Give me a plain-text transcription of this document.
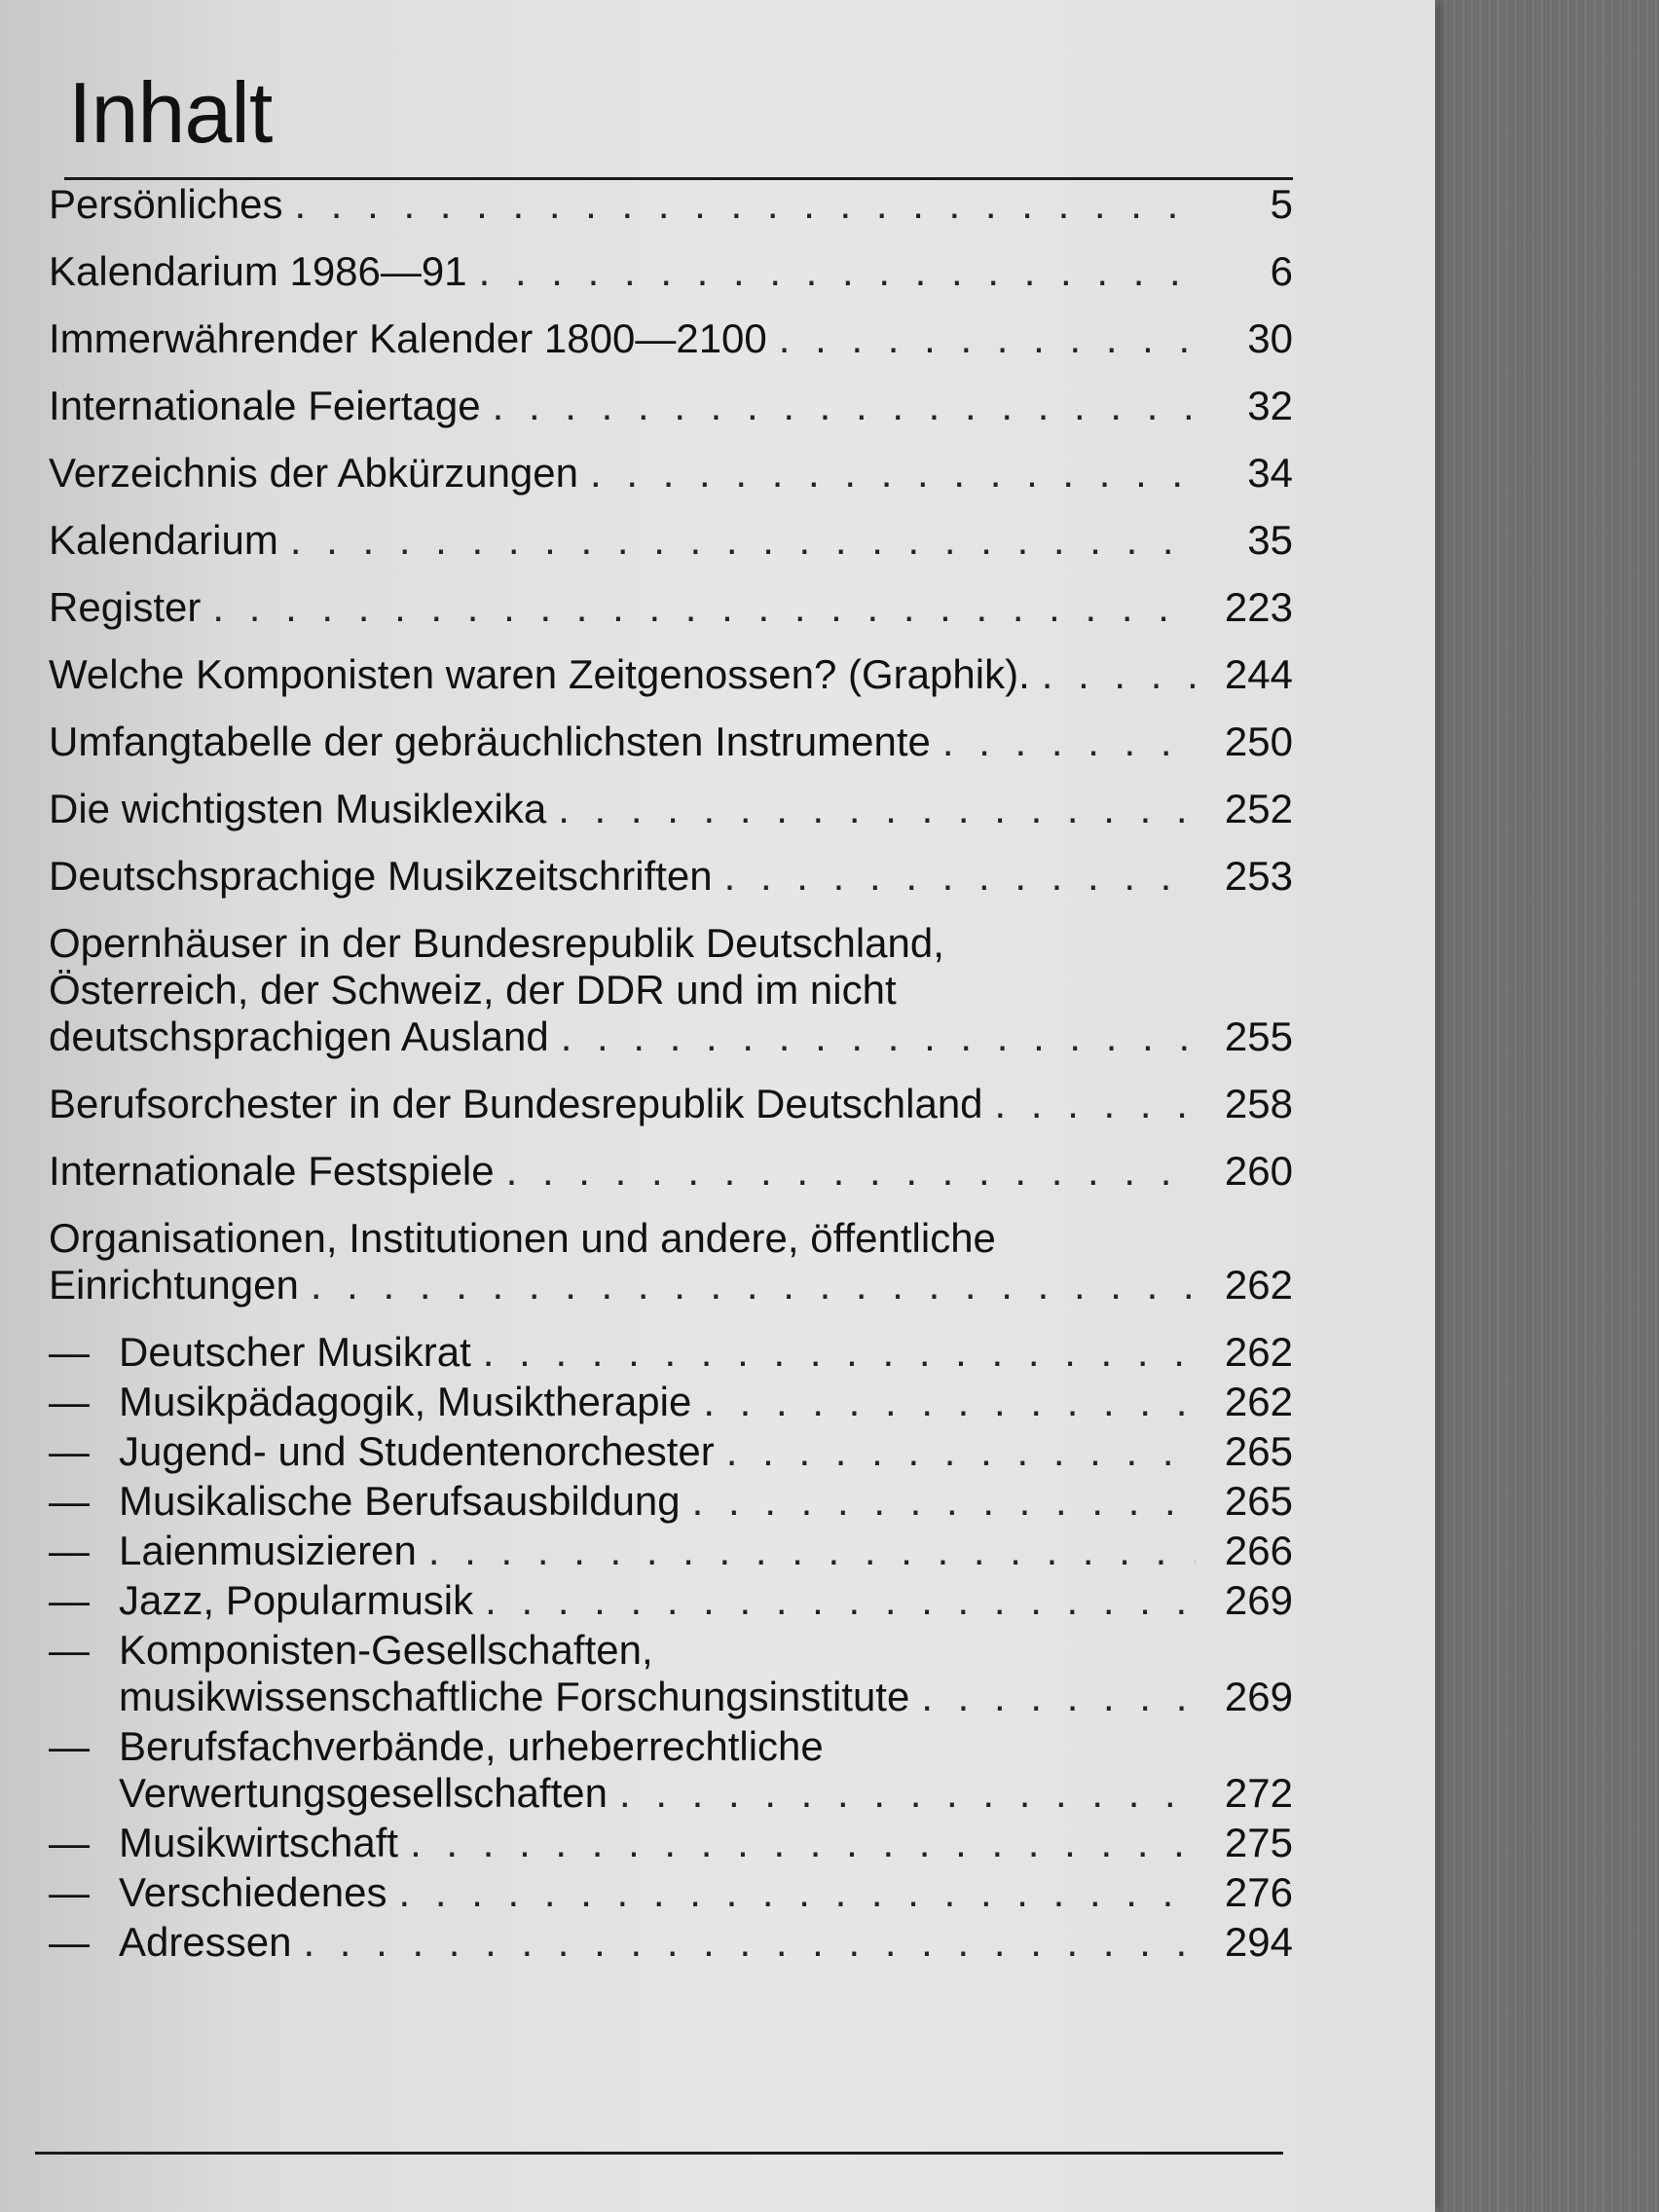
Inhalt
Persönliches . . .	5
Kalendarium 1986—91 . . .	6
Immerwährender Kalender 1800—2100 . . .	30
Internationale Feiertage . . .	32
Verzeichnis der Abkürzungen . . .	34
Kalendarium . . .	35
Register . . .	223
Welche Komponisten waren Zeitgenossen? (Graphik). . . .	244
Umfangtabelle der gebräuchlichsten Instrumente . . .	250
Die wichtigsten Musiklexika . . .	252
Deutschsprachige Musikzeitschriften . . .	253
Opernhäuser in der Bundesrepublik Deutschland,
Österreich, der Schweiz, der DDR und im nicht
deutschsprachigen Ausland . . .	255
Berufsorchester in der Bundesrepublik Deutschland . . .	258
Internationale Festspiele . . .	260
Organisationen, Institutionen und andere, öffentliche
Einrichtungen . . .	262
— Deutscher Musikrat . . .	262
— Musikpädagogik, Musiktherapie . . .	262
— Jugend- und Studentenorchester . . .	265
— Musikalische Berufsausbildung . . .	265
— Laienmusizieren . . .	266
— Jazz, Popularmusik . . .	269
— Komponisten-Gesellschaften,
musikwissenschaftliche Forschungsinstitute . . .	269
— Berufsfachverbände, urheberrechtliche
Verwertungsgesellschaften . . .	272
— Musikwirtschaft . . .	275
— Verschiedenes . . .	276
— Adressen . . .	294
